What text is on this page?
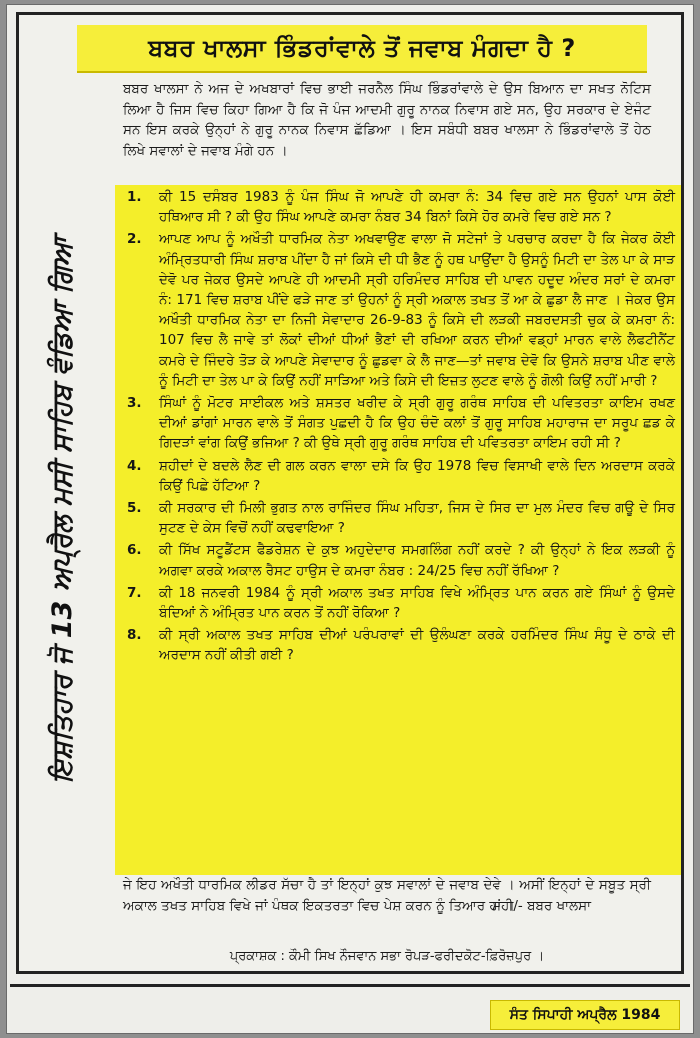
ਬਬਰ ਖਾਲਸਾ ਭਿੰਡਰਾਂਵਾਲੇ ਤੋਂ ਜਵਾਬ ਮੰਗਦਾ ਹੈ ?
ਇਸ਼ਤਿਹਾਰ ਜੋ 13 ਅਪ੍ਰੈਲ ਮਸੀ ਸਾਹਿਬ ਵੰਡਿਆ ਗਿਆ
ਬਬਰ ਖਾਲਸਾ ਨੇ ਅਜ ਦੇ ਅਖਬਾਰਾਂ ਵਿਚ ਭਾਈ ਜਰਨੈਲ ਸਿੰਘ ਭਿੰਡਰਾਂਵਾਲੇ ਦੇ ਉਸ ਬਿਆਨ ਦਾ ਸਖਤ ਨੋਟਿਸ ਲਿਆ ਹੈ ਜਿਸ ਵਿਚ ਕਿਹਾ ਗਿਆ ਹੈ ਕਿ ਜੋ ਪੰਜ ਆਦਮੀ ਗੁਰੂ ਨਾਨਕ ਨਿਵਾਸ ਗਏ ਸਨ, ਉਹ ਸਰਕਾਰ ਦੇ ਏਜੰਟ ਸਨ ਇਸ ਕਰਕੇ ਉਨ੍ਹਾਂ ਨੇ ਗੁਰੂ ਨਾਨਕ ਨਿਵਾਸ ਛੱਡਿਆ । ਇਸ ਸਬੰਧੀ ਬਬਰ ਖਾਲਸਾ ਨੇ ਭਿੰਡਰਾਂਵਾਲੇ ਤੋਂ ਹੇਠ ਲਿਖੇ ਸਵਾਲਾਂ ਦੇ ਜਵਾਬ ਮੰਗੇ ਹਨ ।
1.	ਕੀ 15 ਦਸੰਬਰ 1983 ਨੂੰ ਪੰਜ ਸਿੰਘ ਜੋ ਆਪਣੇ ਹੀ ਕਮਰਾ ਨੰ: 34 ਵਿਚ ਗਏ ਸਨ ਉਹਨਾਂ ਪਾਸ ਕੋਈ ਹਥਿਆਰ ਸੀ ? ਕੀ ਉਹ ਸਿੰਘ ਆਪਣੇ ਕਮਰਾ ਨੰਬਰ 34 ਬਿਨਾਂ ਕਿਸੇ ਹੋਰ ਕਮਰੇ ਵਿਚ ਗਏ ਸਨ ?
2.	ਆਪਣ ਆਪ ਨੂੰ ਅਖੌਤੀ ਧਾਰਮਿਕ ਨੇਤਾ ਅਖਵਾਉਣ ਵਾਲਾ ਜੋ ਸਟੇਜਾਂ ਤੇ ਪਰਚਾਰ ਕਰਦਾ ਹੈ ਕਿ ਜੇਕਰ ਕੋਈ ਅੰਮ੍ਰਿਤਧਾਰੀ ਸਿੰਘ ਸ਼ਰਾਬ ਪੀਂਦਾ ਹੈ ਜਾਂ ਕਿਸੇ ਦੀ ਧੀ ਭੈਣ ਨੂੰ ਹਥ ਪਾਉਂਦਾ ਹੈ ਉਸਨੂੰ ਮਿਟੀ ਦਾ ਤੇਲ ਪਾ ਕੇ ਸਾੜ ਦੇਵੋ ਪਰ ਜੇਕਰ ਉਸਦੇ ਆਪਣੇ ਹੀ ਆਦਮੀ ਸ੍ਰੀ ਹਰਿਮੰਦਰ ਸਾਹਿਬ ਦੀ ਪਾਵਨ ਹਦੂਦ ਅੰਦਰ ਸਰਾਂ ਦੇ ਕਮਰਾ ਨੰ: 171 ਵਿਚ ਸ਼ਰਾਬ ਪੀਂਦੇ ਫੜੇ ਜਾਣ ਤਾਂ ਉਹਨਾਂ ਨੂੰ ਸ੍ਰੀ ਅਕਾਲ ਤਖਤ ਤੋਂ ਆ ਕੇ ਛੁਡਾ ਲੈ ਜਾਣ । ਜੇਕਰ ਉਸ ਅਖੌਤੀ ਧਾਰਮਿਕ ਨੇਤਾ ਦਾ ਨਿਜੀ ਸੇਵਾਦਾਰ 26-9-83 ਨੂੰ ਕਿਸੇ ਦੀ ਲੜਕੀ ਜਬਰਦਸਤੀ ਚੁਕ ਕੇ ਕਮਰਾ ਨੰ: 107 ਵਿਚ ਲੈ ਜਾਵੇ ਤਾਂ ਲੋਕਾਂ ਦੀਆਂ ਧੀਆਂ ਭੈਣਾਂ ਦੀ ਰਖਿਆ ਕਰਨ ਦੀਆਂ ਵਡ੍ਹਾਂ ਮਾਰਨ ਵਾਲੇ ਲੈਫਟੀਨੈਂਟ ਕਮਰੇ ਦੇ ਜਿੰਦਰੇ ਤੋੜ ਕੇ ਆਪਣੇ ਸੇਵਾਦਾਰ ਨੂੰ ਛੁਡਵਾ ਕੇ ਲੈ ਜਾਣ—ਤਾਂ ਜਵਾਬ ਦੇਵੋ ਕਿ ਉਸਨੇ ਸ਼ਰਾਬ ਪੀਣ ਵਾਲੇ ਨੂੰ ਮਿਟੀ ਦਾ ਤੇਲ ਪਾ ਕੇ ਕਿਉਂ ਨਹੀਂ ਸਾੜਿਆ ਅਤੇ ਕਿਸੇ ਦੀ ਇਜ਼ਤ ਲੁਟਣ ਵਾਲੇ ਨੂੰ ਗੋਲੀ ਕਿਉਂ ਨਹੀਂ ਮਾਰੀ ?
3.	ਸਿੰਘਾਂ ਨੂੰ ਮੋਟਰ ਸਾਈਕਲ ਅਤੇ ਸ਼ਸਤਰ ਖਰੀਦ ਕੇ ਸ੍ਰੀ ਗੁਰੂ ਗਰੰਥ ਸਾਹਿਬ ਦੀ ਪਵਿਤਰਤਾ ਕਾਇਮ ਰਖਣ ਦੀਆਂ ਡਾਂਗਾਂ ਮਾਰਨ ਵਾਲੇ ਤੋਂ ਸੰਗਤ ਪੁਛਦੀ ਹੈ ਕਿ ਉਹ ਚੰਦੋ ਕਲਾਂ ਤੋਂ ਗੁਰੂ ਸਾਹਿਬ ਮਹਾਰਾਜ ਦਾ ਸਰੂਪ ਛਡ ਕੇ ਗਿਦੜਾਂ ਵਾਂਗ ਕਿਉਂ ਭਜਿਆ ? ਕੀ ਉਥੇ ਸ੍ਰੀ ਗੁਰੂ ਗਰੰਥ ਸਾਹਿਬ ਦੀ ਪਵਿਤਰਤਾ ਕਾਇਮ ਰਹੀ ਸੀ ?
4.	ਸ਼ਹੀਦਾਂ ਦੇ ਬਦਲੇ ਲੈਣ ਦੀ ਗਲ ਕਰਨ ਵਾਲਾ ਦਸੇ ਕਿ ਉਹ 1978 ਵਿਚ ਵਿਸਾਖੀ ਵਾਲੇ ਦਿਨ ਅਰਦਾਸ ਕਰਕੇ ਕਿਉਂ ਪਿਛੇ ਹੱਟਿਆ ?
5.	ਕੀ ਸਰਕਾਰ ਦੀ ਮਿਲੀ ਭੁਗਤ ਨਾਲ ਰਾਜਿੰਦਰ ਸਿੰਘ ਮਹਿਤਾ, ਜਿਸ ਦੇ ਸਿਰ ਦਾ ਮੁਲ ਮੰਦਰ ਵਿਚ ਗਊ ਦੇ ਸਿਰ ਸੁਟਣ ਦੇ ਕੇਸ ਵਿਚੋਂ ਨਹੀਂ ਕਢਵਾਇਆ ?
6.	ਕੀ ਸਿੱਖ ਸਟੂਡੈਂਟਸ ਫੈਡਰੇਸ਼ਨ ਦੇ ਕੁਝ ਅਹੁਦੇਦਾਰ ਸਮਗਲਿੰਗ ਨਹੀਂ ਕਰਦੇ ? ਕੀ ਉਨ੍ਹਾਂ ਨੇ ਇਕ ਲੜਕੀ ਨੂੰ ਅਗਵਾ ਕਰਕੇ ਅਕਾਲ ਰੈਸਟ ਹਾਉਸ ਦੇ ਕਮਰਾ ਨੰਬਰ : 24/25 ਵਿਚ ਨਹੀਂ ਰੱਖਿਆ ?
7.	ਕੀ 18 ਜਨਵਰੀ 1984 ਨੂੰ ਸ੍ਰੀ ਅਕਾਲ ਤਖਤ ਸਾਹਿਬ ਵਿਖੇ ਅੰਮ੍ਰਿਤ ਪਾਨ ਕਰਨ ਗਏ ਸਿੰਘਾਂ ਨੂੰ ਉਸਦੇ ਬੰਦਿਆਂ ਨੇ ਅੰਮ੍ਰਿਤ ਪਾਨ ਕਰਨ ਤੋਂ ਨਹੀਂ ਰੋਕਿਆ ?
8.	ਕੀ ਸ੍ਰੀ ਅਕਾਲ ਤਖਤ ਸਾਹਿਬ ਦੀਆਂ ਪਰੰਪਰਾਵਾਂ ਦੀ ਉਲੰਘਣਾ ਕਰਕੇ ਹਰਮਿੰਦਰ ਸਿੰਘ ਸੰਧੂ ਦੇ ਠਾਕੇ ਦੀ ਅਰਦਾਸ ਨਹੀਂ ਕੀਤੀ ਗਈ ?
ਜੇ ਇਹ ਅਖੌਤੀ ਧਾਰਮਿਕ ਲੀਡਰ ਸੱਚਾ ਹੈ ਤਾਂ ਇਨ੍ਹਾਂ ਕੁਝ ਸਵਾਲਾਂ ਦੇ ਜਵਾਬ ਦੇਵੇ । ਅਸੀਂ ਇਨ੍ਹਾਂ ਦੇ ਸਬੂਤ ਸ੍ਰੀ ਅਕਾਲ ਤਖਤ ਸਾਹਿਬ ਵਿਖੇ ਜਾਂ ਪੰਥਕ ਇਕਤਰਤਾ ਵਿਚ ਪੇਸ਼ ਕਰਨ ਨੂੰ ਤਿਆਰ ਹਾਂ ।
ਸਹੀ/- ਬਬਰ ਖਾਲਸਾ
ਪ੍ਰਕਾਸ਼ਕ : ਕੌਮੀ ਸਿਖ ਨੌਜਵਾਨ ਸਭਾ ਰੋਪੜ-ਫਰੀਦਕੋਟ-ਫ਼ਿਰੋਜ਼ਪੁਰ ।
ਸੰਤ ਸਿਪਾਹੀ ਅਪ੍ਰੈਲ 1984
